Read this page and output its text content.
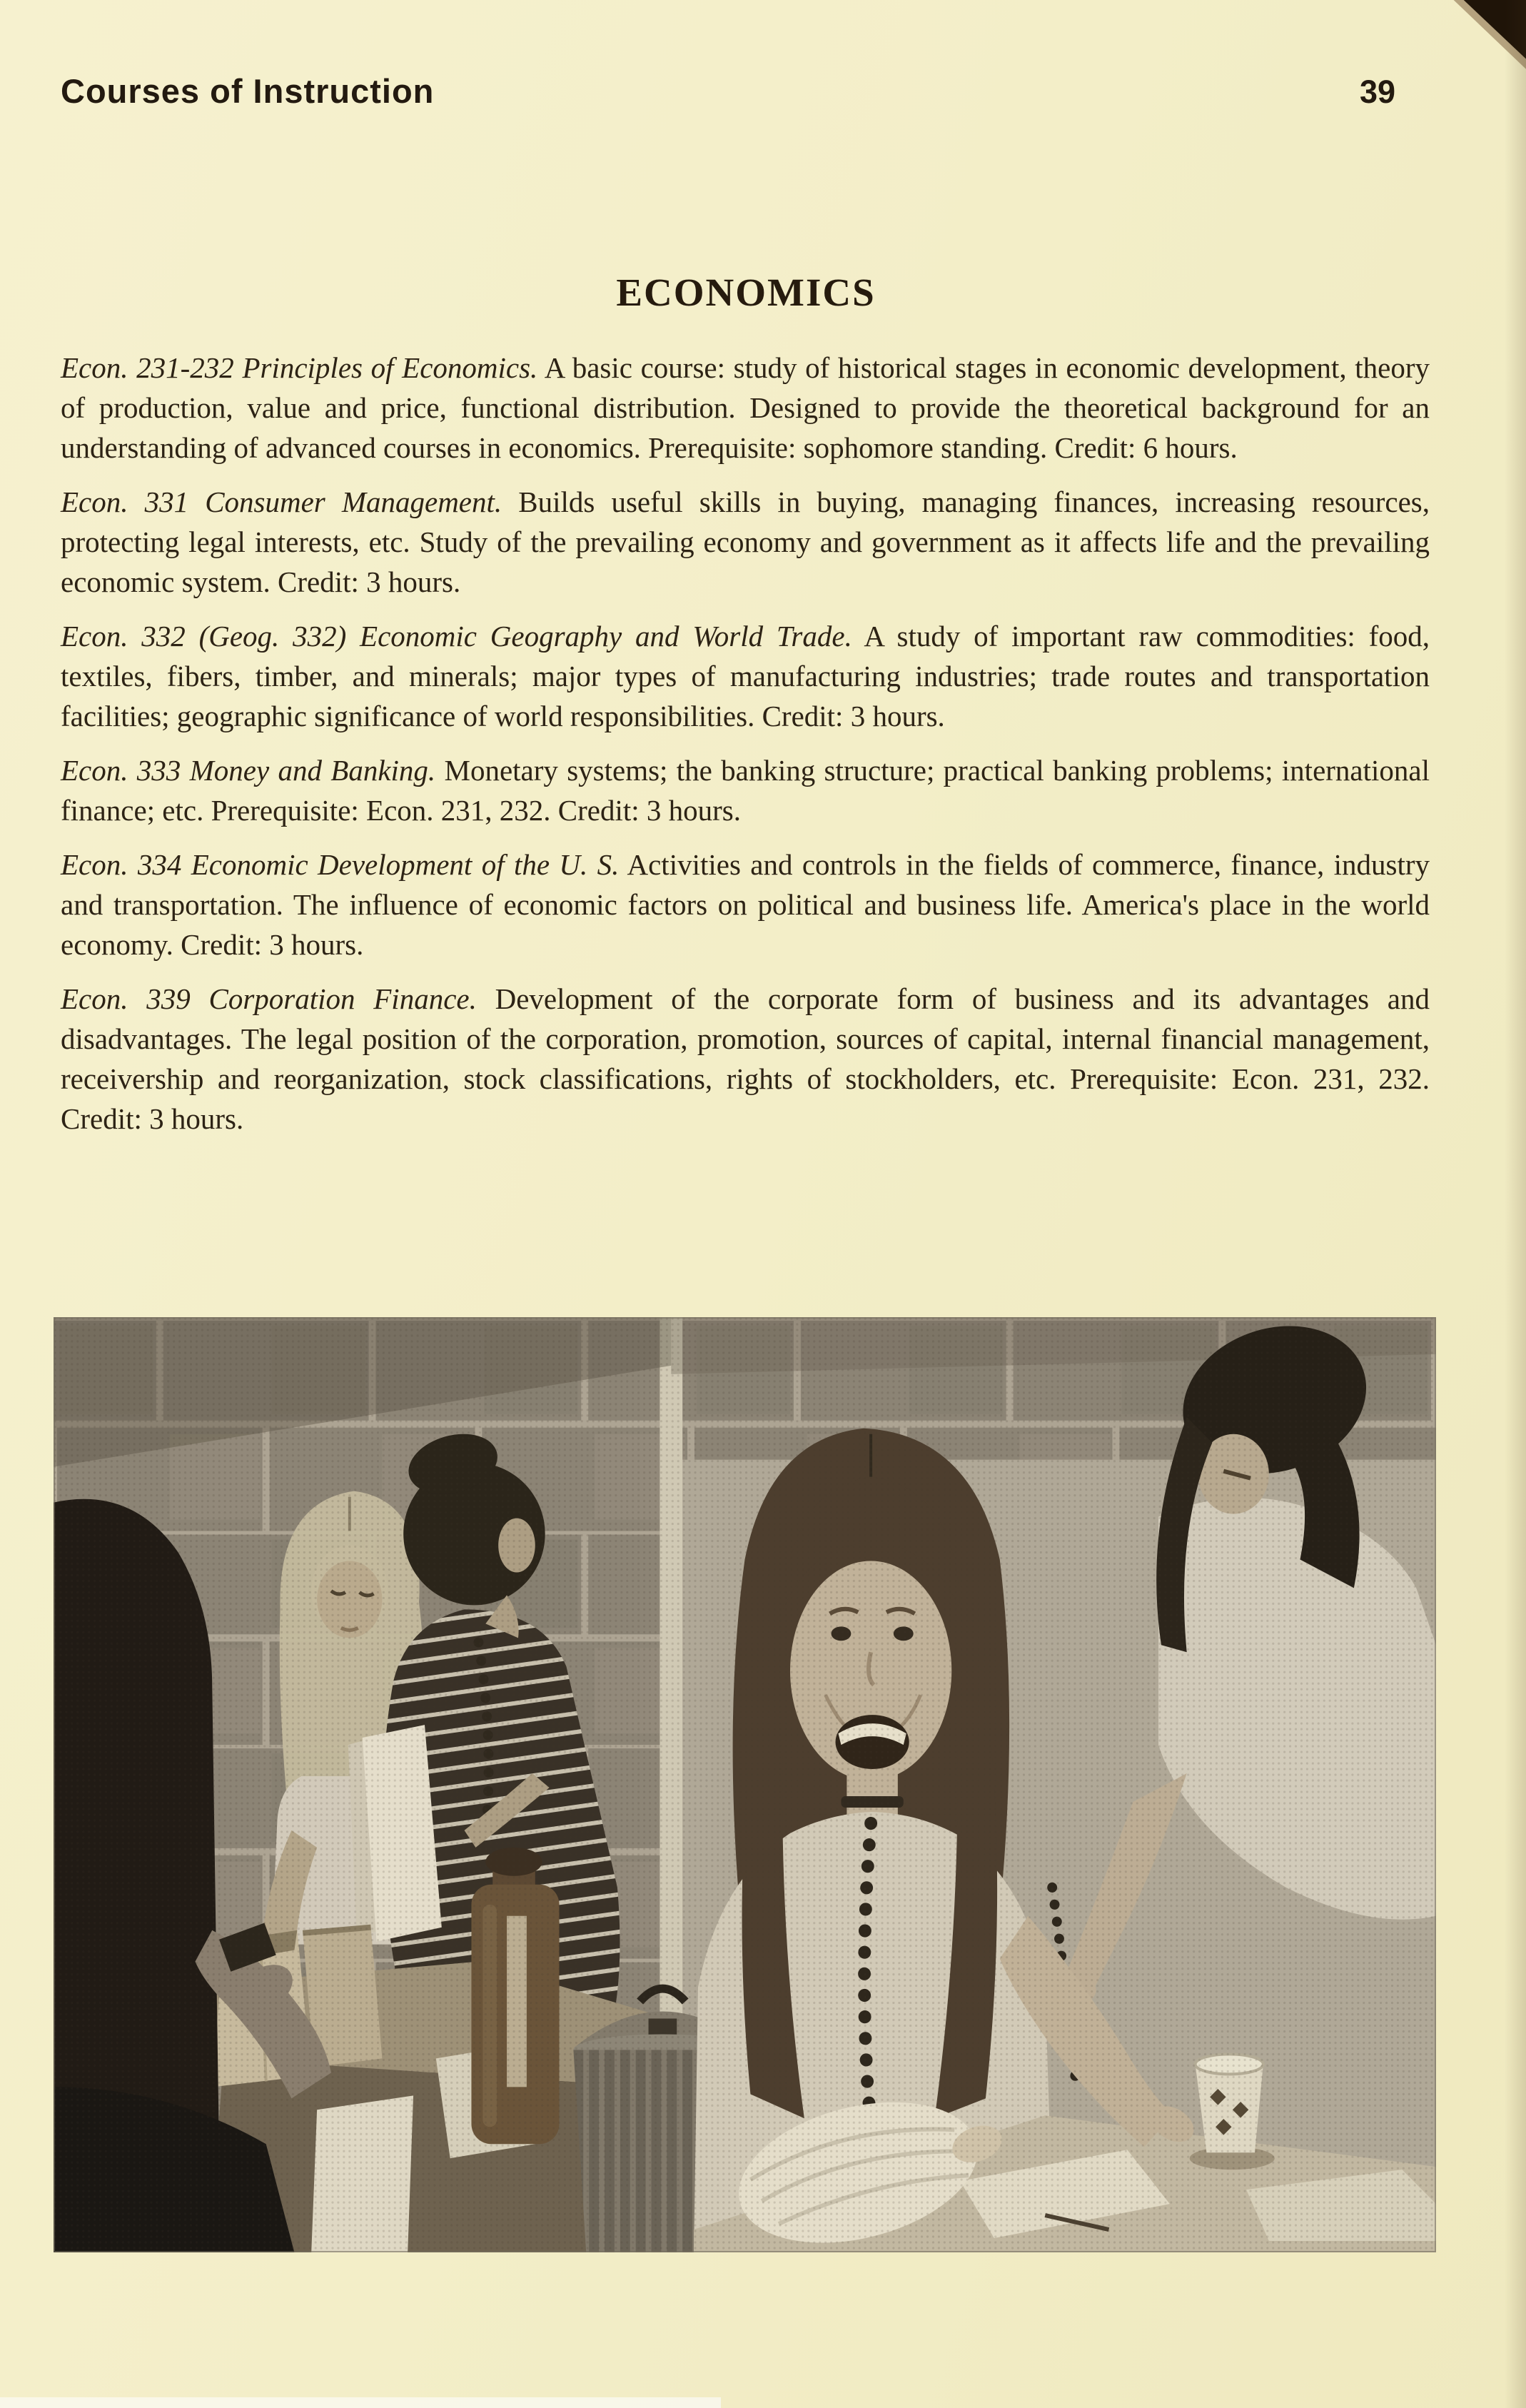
Courses of Instruction	39
ECONOMICS

Econ. 231-232 Principles of Economics. A basic course: study of historical stages in economic development, theory of production, value and price, functional distribution. Designed to provide the theoretical background for an understanding of advanced courses in economics. Prerequisite: sophomore standing. Credit: 6 hours.

Econ. 331 Consumer Management. Builds useful skills in buying, managing finances, increasing resources, protecting legal interests, etc. Study of the prevailing economy and government as it affects life and the prevailing economic system. Credit: 3 hours.

Econ. 332 (Geog. 332) Economic Geography and World Trade. A study of important raw commodities: food, textiles, fibers, timber, and minerals; major types of manufacturing industries; trade routes and transportation facilities; geographic significance of world responsibilities. Credit: 3 hours.

Econ. 333 Money and Banking. Monetary systems; the banking structure; practical banking problems; international finance; etc. Prerequisite: Econ. 231, 232. Credit: 3 hours.

Econ. 334 Economic Development of the U. S. Activities and controls in the fields of commerce, finance, industry and transportation. The influence of economic factors on political and business life. America's place in the world economy. Credit: 3 hours.

Econ. 339 Corporation Finance. Development of the corporate form of business and its advantages and disadvantages. The legal position of the corporation, promotion, sources of capital, internal financial management, receivership and reorganization, stock classifications, rights of stockholders, etc. Prerequisite: Econ. 231, 232. Credit: 3 hours.
